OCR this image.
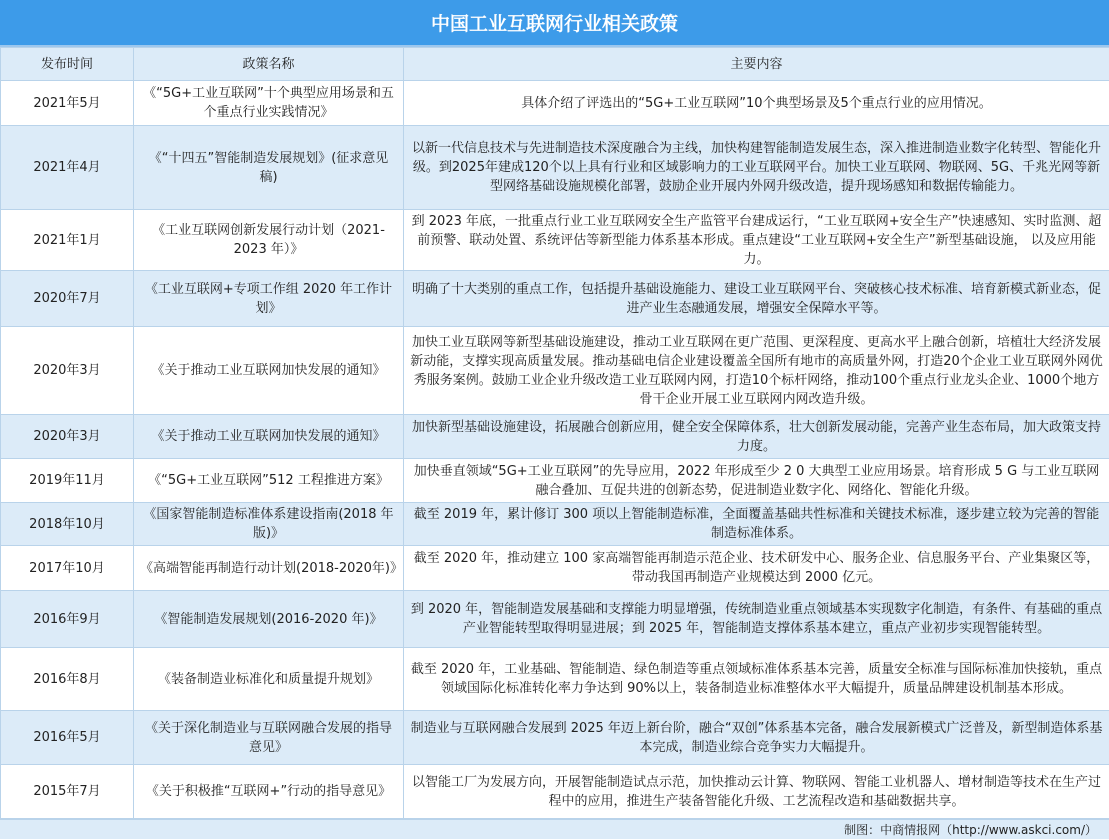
中国工业互联网行业相关政策
发布时间	政策名称	主要内容
2021年5月	《“5G+工业互联网”十个典型应用场景和五个重点行业实践情况》	具体介绍了评选出的“5G+工业互联网”10个典型场景及5个重点行业的应用情况。
2021年4月	《“十四五”智能制造发展规划》(征求意见稿)	以新一代信息技术与先进制造技术深度融合为主线，加快构建智能制造发展生态，深入推进制造业数字化转型、智能化升级。到2025年建成120个以上具有行业和区域影响力的工业互联网平台。加快工业互联网、物联网、5G、千兆光网等新型网络基础设施规模化部署，鼓励企业开展内外网升级改造，提升现场感知和数据传输能力。
2021年1月	《工业互联网创新发展行动计划（2021-2023 年）》	到 2023 年底，一批重点行业工业互联网安全生产监管平台建成运行，“工业互联网+安全生产”快速感知、实时监测、超前预警、联动处置、系统评估等新型能力体系基本形成。重点建设“工业互联网+安全生产”新型基础设施， 以及应用能力。
2020年7月	《工业互联网+专项工作组 2020 年工作计划》	明确了十大类别的重点工作，包括提升基础设施能力、建设工业互联网平台、突破核心技术标准、培育新模式新业态，促进产业生态融通发展，增强安全保障水平等。
2020年3月	《关于推动工业互联网加快发展的通知》	加快工业互联网等新型基础设施建设，推动工业互联网在更广范围、更深程度、更高水平上融合创新，培植壮大经济发展新动能，支撑实现高质量发展。推动基础电信企业建设覆盖全国所有地市的高质量外网，打造20个企业工业互联网外网优秀服务案例。鼓励工业企业升级改造工业互联网内网，打造10个标杆网络，推动100个重点行业龙头企业、1000个地方骨干企业开展工业互联网内网改造升级。
2020年3月	《关于推动工业互联网加快发展的通知》	加快新型基础设施建设，拓展融合创新应用，健全安全保障体系，壮大创新发展动能，完善产业生态布局，加大政策支持力度。
2019年11月	《“5G+工业互联网”512 工程推进方案》	加快垂直领域“5G+工业互联网”的先导应用，2022 年形成至少 2 0 大典型工业应用场景。培育形成 5 G 与工业互联网融合叠加、互促共进的创新态势，促进制造业数字化、网络化、智能化升级。
2018年10月	《国家智能制造标准体系建设指南(2018 年版)》	截至 2019 年，累计修订 300 项以上智能制造标准，全面覆盖基础共性标准和关键技术标准，逐步建立较为完善的智能制造标准体系。
2017年10月	《高端智能再制造行动计划(2018-2020年)》	截至 2020 年，推动建立 100 家高端智能再制造示范企业、技术研发中心、服务企业、信息服务平台、产业集聚区等，带动我国再制造产业规模达到 2000 亿元。
2016年9月	《智能制造发展规划(2016-2020 年)》	到 2020 年，智能制造发展基础和支撑能力明显增强，传统制造业重点领域基本实现数字化制造，有条件、有基础的重点产业智能转型取得明显进展；到 2025 年，智能制造支撑体系基本建立，重点产业初步实现智能转型。
2016年8月	《装备制造业标准化和质量提升规划》	截至 2020 年，工业基础、智能制造、绿色制造等重点领域标准体系基本完善，质量安全标准与国际标准加快接轨，重点领域国际化标准转化率力争达到 90%以上，装备制造业标准整体水平大幅提升，质量品牌建设机制基本形成。
2016年5月	《关于深化制造业与互联网融合发展的指导意见》	制造业与互联网融合发展到 2025 年迈上新台阶，融合“双创”体系基本完备，融合发展新模式广泛普及，新型制造体系基本完成，制造业综合竞争实力大幅提升。
2015年7月	《关于积极推“互联网+”行动的指导意见》	以智能工厂为发展方向，开展智能制造试点示范，加快推动云计算、物联网、智能工业机器人、增材制造等技术在生产过程中的应用，推进生产装备智能化升级、工艺流程改造和基础数据共享。
制图：中商情报网（http://www.askci.com/）
